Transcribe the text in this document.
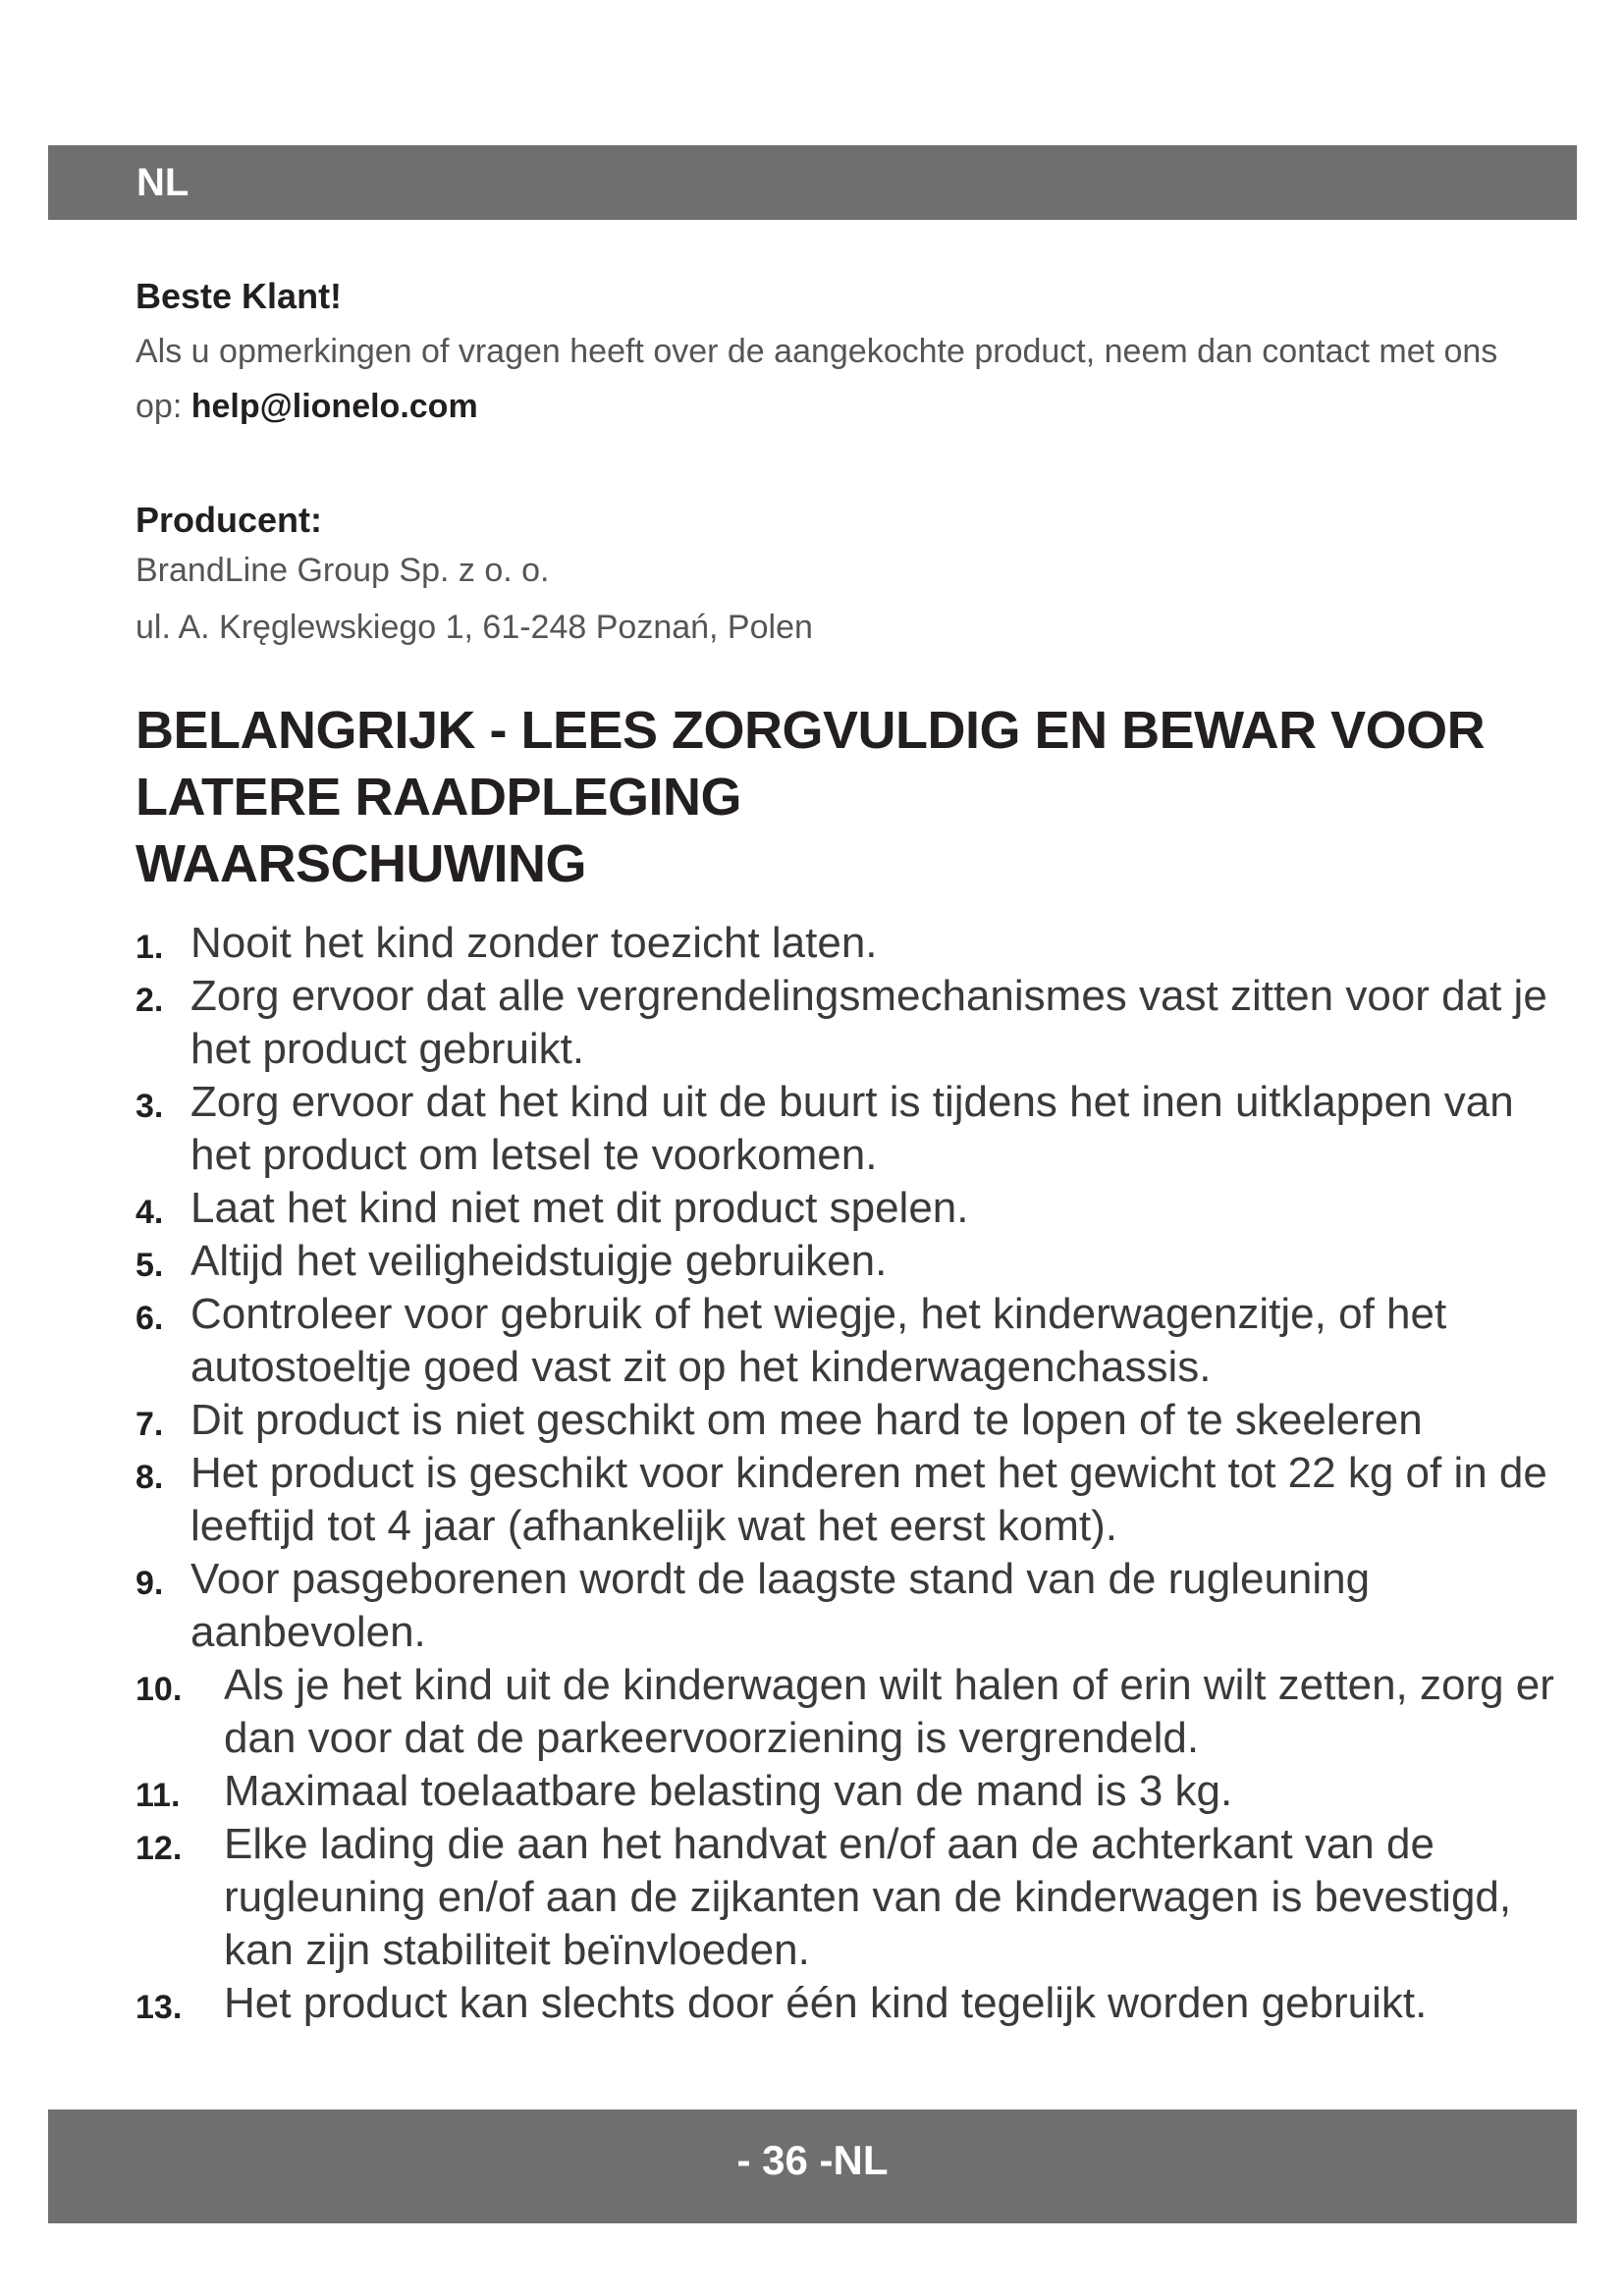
NL

Beste Klant!

Als u opmerkingen of vragen heeft over de aangekochte product, neem dan contact met ons op: help@lionelo.com

Producent:

BrandLine Group Sp. z o. o.

ul. A. Kręglewskiego 1, 61-248 Poznań, Polen

BELANGRIJK - LEES ZORGVULDIG EN BEWAR VOOR
LATERE RAADPLEGING
WAARSCHUWING
1. Nooit het kind zonder toezicht laten.
2. Zorg ervoor dat alle vergrendelingsmechanismes vast zitten voor dat je het product gebruikt.
3. Zorg ervoor dat het kind uit de buurt is tijdens het inen uitklappen van het product om letsel te voorkomen.
4. Laat het kind niet met dit product spelen.
5. Altijd het veiligheidstuigje gebruiken.
6. Controleer voor gebruik of het wiegje, het kinderwagenzitje, of het autostoeltje goed vast zit op het kinderwagenchassis.
7. Dit product is niet geschikt om mee hard te lopen of te skeeleren
8. Het product is geschikt voor kinderen met het gewicht tot 22 kg of in de leeftijd tot 4 jaar (afhankelijk wat het eerst komt).
9. Voor pasgeborenen wordt de laagste stand van de rugleuning aanbevolen.
10. Als je het kind uit de kinderwagen wilt halen of erin wilt zetten, zorg er dan voor dat de parkeervoorziening is vergrendeld.
11. Maximaal toelaatbare belasting van de mand is 3 kg.
12. Elke lading die aan het handvat en/of aan de achterkant van de rugleuning en/of aan de zijkanten van de kinderwagen is bevestigd, kan zijn stabiliteit beïnvloeden.
13. Het product kan slechts door één kind tegelijk worden gebruikt.
- 36 -NL
